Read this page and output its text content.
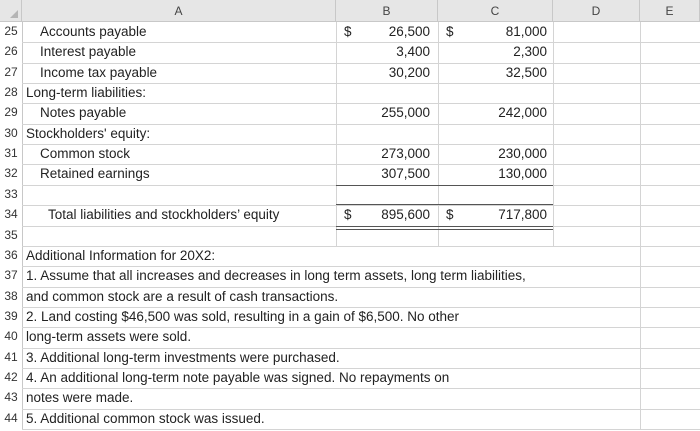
A	B	C	D	E
25	Accounts payable	$	26,500 $	81,000
26	Interest payable	3,400	2,300
27	Income tax payable	30,200	32,500
28 Long-term liabilities:
29	Notes payable	255,000	242,000
30 Stockholders' equity:
31	Common stock	273,000	230,000
32	Retained earnings	307,500	130,000
33
34	Total liabilities and stockholders’ equity	$	895,600 $	717,800
35
36 Additional Information for 20X2:
37 1. Assume that all increases and decreases in long term assets, long term liabilities,
38 and common stock are a result of cash transactions.
39 2. Land costing $46,500 was sold, resulting in a gain of $6,500. No other
40 long-term assets were sold.
41 3. Additional long-term investments were purchased.
42 4. An additional long-term note payable was signed. No repayments on
43 notes were made.
44 5. Additional common stock was issued.
